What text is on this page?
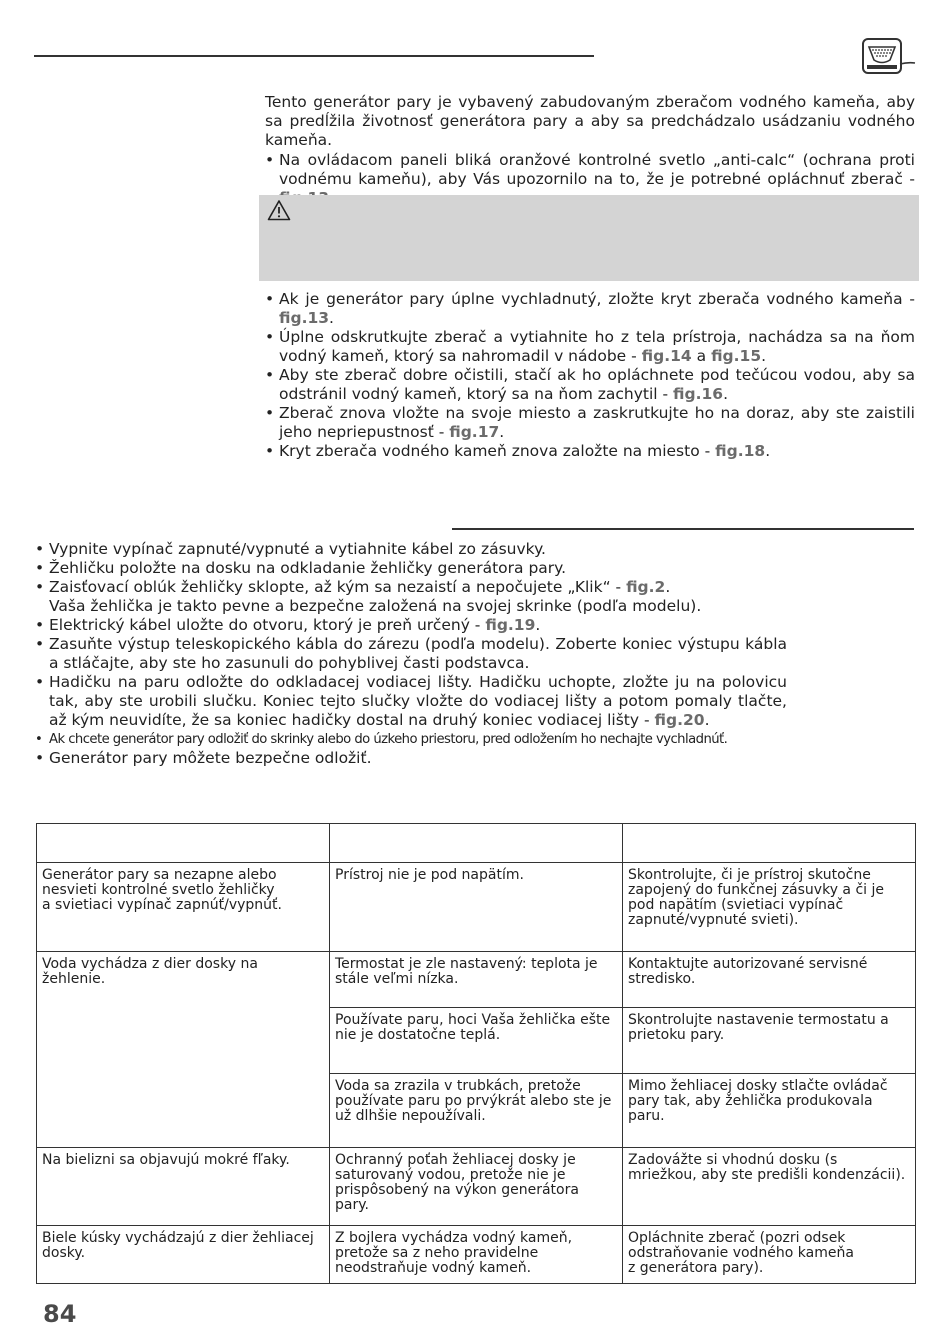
Tento generátor pary je vybavený zabudovaným zberačom vodného kameňa, aby sa predĺžila životnosť generátora pary a aby sa predchádzalo usádzaniu vodného kameňa.
• Na ovládacom paneli bliká oranžové kontrolné svetlo „anti-calc“ (ochrana proti vodnému kameňu), aby Vás upozornilo na to, že je potrebné opláchnuť zberač -
• Ak je generátor pary úplne vychladnutý, zložte kryt zberača vodného kameňa - fig.13.
• Úplne odskrutkujte zberač a vytiahnite ho z tela prístroja, nachádza sa na ňom vodný kameň, ktorý sa nahromadil v nádobe - fig.14 a fig.15.
• Aby ste zberač dobre očistili, stačí ak ho opláchnete pod tečúcou vodou, aby sa odstránil vodný kameň, ktorý sa na ňom zachytil - fig.16.
• Zberač znova vložte na svoje miesto a zaskrutkujte ho na doraz, aby ste zaistili jeho nepriepustnosť - fig.17.
• Kryt zberača vodného kameň znova založte na miesto - fig.18.
• Vypnite vypínač zapnuté/vypnuté a vytiahnite kábel zo zásuvky.
• Žehličku položte na dosku na odkladanie žehličky generátora pary.
• Zaisťovací oblúk žehličky sklopte, až kým sa nezaistí a nepočujete „Klik“ - fig.2.
Vaša žehlička je takto pevne a bezpečne založená na svojej skrinke (podľa modelu).
• Elektrický kábel uložte do otvoru, ktorý je preň určený - fig.19.
• Zasuňte výstup teleskopického kábla do zárezu (podľa modelu). Zoberte koniec výstupu kábla a stláčajte, aby ste ho zasunuli do pohyblivej časti podstavca.
• Hadičku na paru odložte do odkladacej vodiacej lišty. Hadičku uchopte, zložte ju na polovicu tak, aby ste urobili slučku. Koniec tejto slučky vložte do vodiacej lišty a potom pomaly tlačte, až kým neuvidíte, že sa koniec hadičky dostal na druhý koniec vodiacej lišty - fig.20.
• Ak chcete generátor pary odložiť do skrinky alebo do úzkeho priestoru, pred odložením ho nechajte vychladnúť.
• Generátor pary môžete bezpečne odložiť.

Generátor pary sa nezapne alebo
nesvieti kontrolné svetlo žehličky
a svietiaci vypínač zapnúť/vypnúť.	Prístroj nie je pod napätím.	Skontrolujte, či je prístroj skutočne zapojený do funkčnej zásuvky a či je pod napätím (svietiaci vypínač zapnuté/vypnuté svieti).
Voda vychádza z dier dosky na žehlenie.	Termostat je zle nastavený: teplota je stále veľmi nízka.	Kontaktujte autorizované servisné stredisko.
	Používate paru, hoci Vaša žehlička ešte nie je dostatočne teplá.	Skontrolujte nastavenie termostatu a prietoku pary.
	Voda sa zrazila v trubkách, pretože používate paru po prvýkrát alebo ste je už dlhšie nepoužívali.	Mimo žehliacej dosky stlačte ovládač pary tak, aby žehlička produkovala paru.
Na bielizni sa objavujú mokré fľaky.	Ochranný poťah žehliacej dosky je saturovaný vodou, pretože nie je prispôsobený na výkon generátora pary.	Zadovážte si vhodnú dosku (s mriežkou, aby ste predišli kondenzácii).
Biele kúsky vychádzajú z dier žehliacej dosky.	Z bojlera vychádza vodný kameň, pretože sa z neho pravidelne neodstraňuje vodný kameň.	Opláchnite zberač (pozri odsek odstraňovanie vodného kameňa
z generátora pary).
84
